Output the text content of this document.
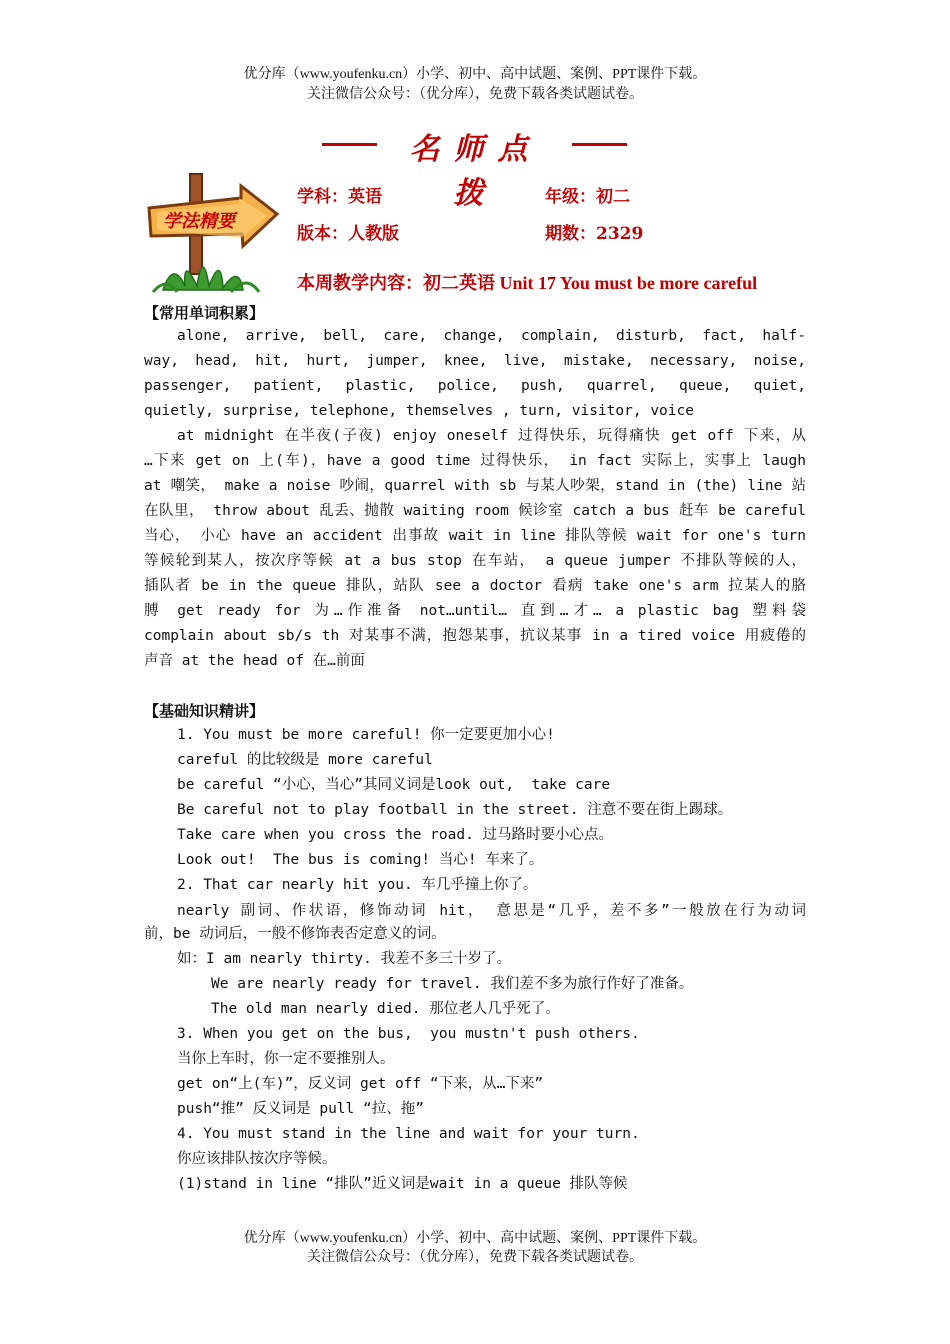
优分库（www.youfenku.cn）小学、初中、高中试题、案例、PPT课件下载。
关注微信公众号：（优分库），免费下载各类试题试卷。
名师点拨
学法精要
学科：英语	年级：初二
版本：人教版	期数：2329
本周教学内容：初二英语 Unit 17 You must be more careful
【常用单词积累】
alone, arrive, bell, care, change, complain, disturb, fact, half-
way, head, hit, hurt, jumper, knee, live, mistake, necessary, noise,
passenger, patient, plastic, police, push, quarrel, queue, quiet,
quietly, surprise, telephone, themselves , turn, visitor, voice
at midnight 在半夜(子夜) enjoy oneself 过得快乐，玩得痛快 get off 下来，从
…下来 get on 上(车)，have a good time 过得快乐， in fact 实际上，实事上 laugh
at 嘲笑， make a noise 吵闹，quarrel with sb 与某人吵架，stand in (the) line 站
在队里， throw about 乱丢、抛散 waiting room 候诊室 catch a bus 赶车 be careful
当心， 小心 have an accident 出事故 wait in line 排队等候 wait for one's turn
等候轮到某人，按次序等候 at a bus stop 在车站， a queue jumper 不排队等候的人，
插队者 be in the queue 排队，站队 see a doctor 看病 take one's arm 拉某人的胳
膊 get ready for 为…作准备 not…until… 直到…才… a plastic bag 塑料袋
complain about sb/s th 对某事不满，抱怨某事，抗议某事 in a tired voice 用疲倦的
声音 at the head of 在…前面
【基础知识精讲】
1. You must be more careful! 你一定要更加小心!
careful 的比较级是 more careful
be careful “小心，当心”其同义词是look out,  take care
Be careful not to play football in the street. 注意不要在街上踢球。
Take care when you cross the road. 过马路时要小心点。
Look out!  The bus is coming! 当心! 车来了。
2. That car nearly hit you. 车几乎撞上你了。
nearly 副词、作状语，修饰动词 hit， 意思是“几乎，差不多”一般放在行为动词
前，be 动词后，一般不修饰表否定意义的词。
如：I am nearly thirty. 我差不多三十岁了。
We are nearly ready for travel. 我们差不多为旅行作好了准备。
The old man nearly died. 那位老人几乎死了。
3. When you get on the bus,  you mustn't push others.
当你上车时，你一定不要推别人。
get on“上(车)”，反义词 get off “下来，从…下来”
push“推” 反义词是 pull “拉、拖”
4. You must stand in the line and wait for your turn.
你应该排队按次序等候。
(1)stand in line “排队”近义词是wait in a queue 排队等候
优分库（www.youfenku.cn）小学、初中、高中试题、案例、PPT课件下载。
关注微信公众号：（优分库），免费下载各类试题试卷。
